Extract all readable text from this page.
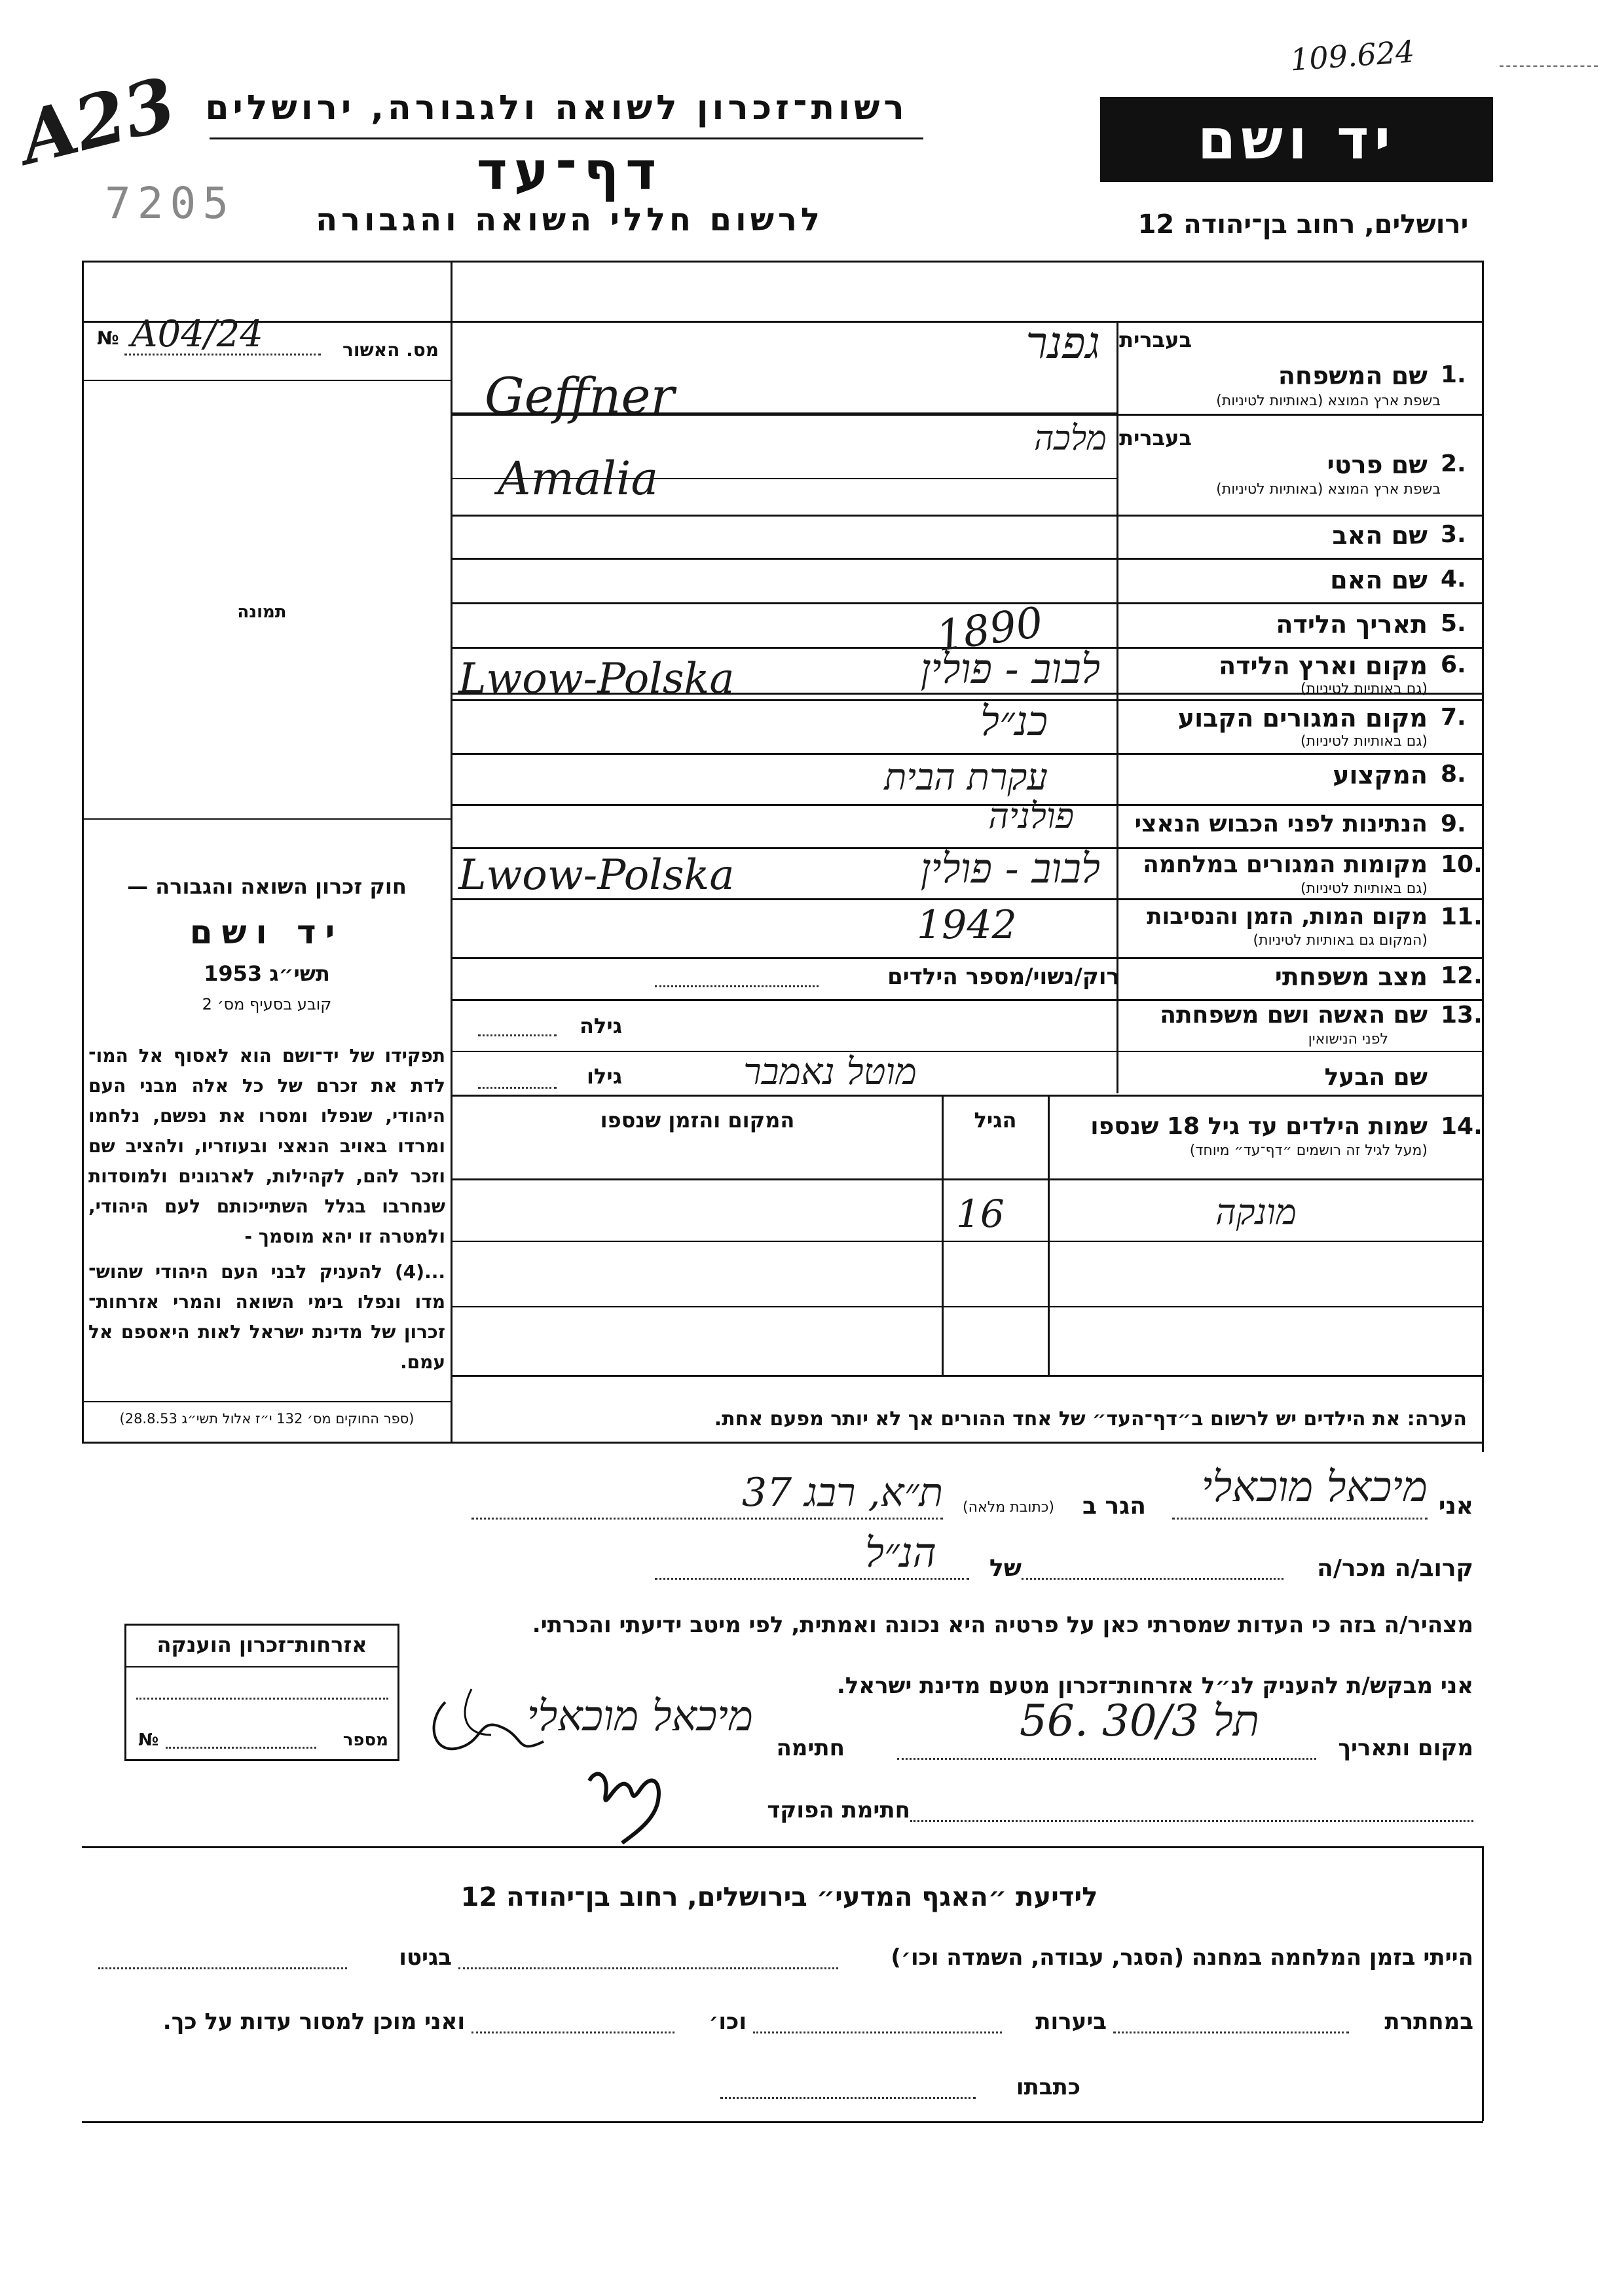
109.624
A23
7205
רשות־זכרון לשואה ולגבורה, ירושלים
דף־עד
לרשום חללי השואה והגבורה
יד ושם
ירושלים, רחוב בן־יהודה 12
№ A04/24	מס. האשור
תמונה
חוק זכרון השואה והגבורה —
יד ושם
תשי״ג 1953
קובע בסעיף מס׳ 2
תפקידו של יד־ושם הוא לאסוף אל המו־ לדת את זכרם של כל אלה מבני העם היהודי, שנפלו ומסרו את נפשם, נלחמו ומרדו באויב הנאצי ובעוזריו, ולהציב שם וזכר להם, לקהילות, לארגונים ולמוסדות שנחרבו בגלל השתייכותם לעם היהודי, ולמטרה זו יהא מוסמך -
...(4) להעניק לבני העם היהודי שהוש־ מדו ונפלו בימי השואה והמרי אזרחות־ זכרון של מדינת ישראל לאות היאספם אל עמם.
(ספר החוקים מס׳ 132 י״ז אלול תשי״ג 28.8.53)
בעברית
שם המשפחה 1.
בשפת ארץ המוצא (באותיות לטיניות)
גפנר
Geffner
בעברית
שם פרטי 2.
בשפת ארץ המוצא (באותיות לטיניות)
מלכה
Amalia
שם האב 3.
שם האם 4.
תאריך הלידה 5.
1890
מקום וארץ הלידה 6.
(גם באותיות לטיניות)
לבוב - פולין
Lwow-Polska
מקום המגורים הקבוע 7.
(גם באותיות לטיניות)
כנ״ל
המקצוע 8.
עקרת הבית
הנתינות לפני הכבוש הנאצי 9.
פולניה
מקומות המגורים במלחמה 10.
(גם באותיות לטיניות)
לבוב - פולין
Lwow-Polska
מקום המות, הזמן והנסיבות 11.
(המקום גם באותיות לטיניות)
1942
מצב משפחתי 12.
רוק/נשוי/מספר הילדים
שם האשה ושם משפחתה 13.
לפני הנישואין
גילה
שם הבעל
מוטל נאמבר
גילו
שמות הילדים עד גיל 18 שנספו 14.
(מעל לגיל זה רושמים ״דף־עד״ מיוחד)
הגיל
המקום והזמן שנספו
מונקה
16
הערה: את הילדים יש לרשום ב״דף־העד״ של אחד ההורים אך לא יותר מפעם אחת.
אני
מיכאל מוכאלי
הגר ב
(כתובת מלאה)
ת״א, רבג 37
קרוב/ה מכר/ה
של
הנ״ל
מצהיר/ה בזה כי העדות שמסרתי כאן על פרטיה היא נכונה ואמתית, לפי מיטב ידיעתי והכרתי.
אני מבקש/ת להעניק לנ״ל אזרחות־זכרון מטעם מדינת ישראל.
מקום ותאריך
תל 30/3 .56
חתימה
מיכאל מוכאלי
חתימת הפוקד
אזרחות־זכרון הוענקה
מספר
№
לידיעת ״האגף המדעי״ בירושלים, רחוב בן־יהודה 12
הייתי בזמן המלחמה במחנה (הסגר, עבודה, השמדה וכו׳)
בגיטו
במחתרת
ביערות
וכו׳
ואני מוכן למסור עדות על כך.
כתבתו
